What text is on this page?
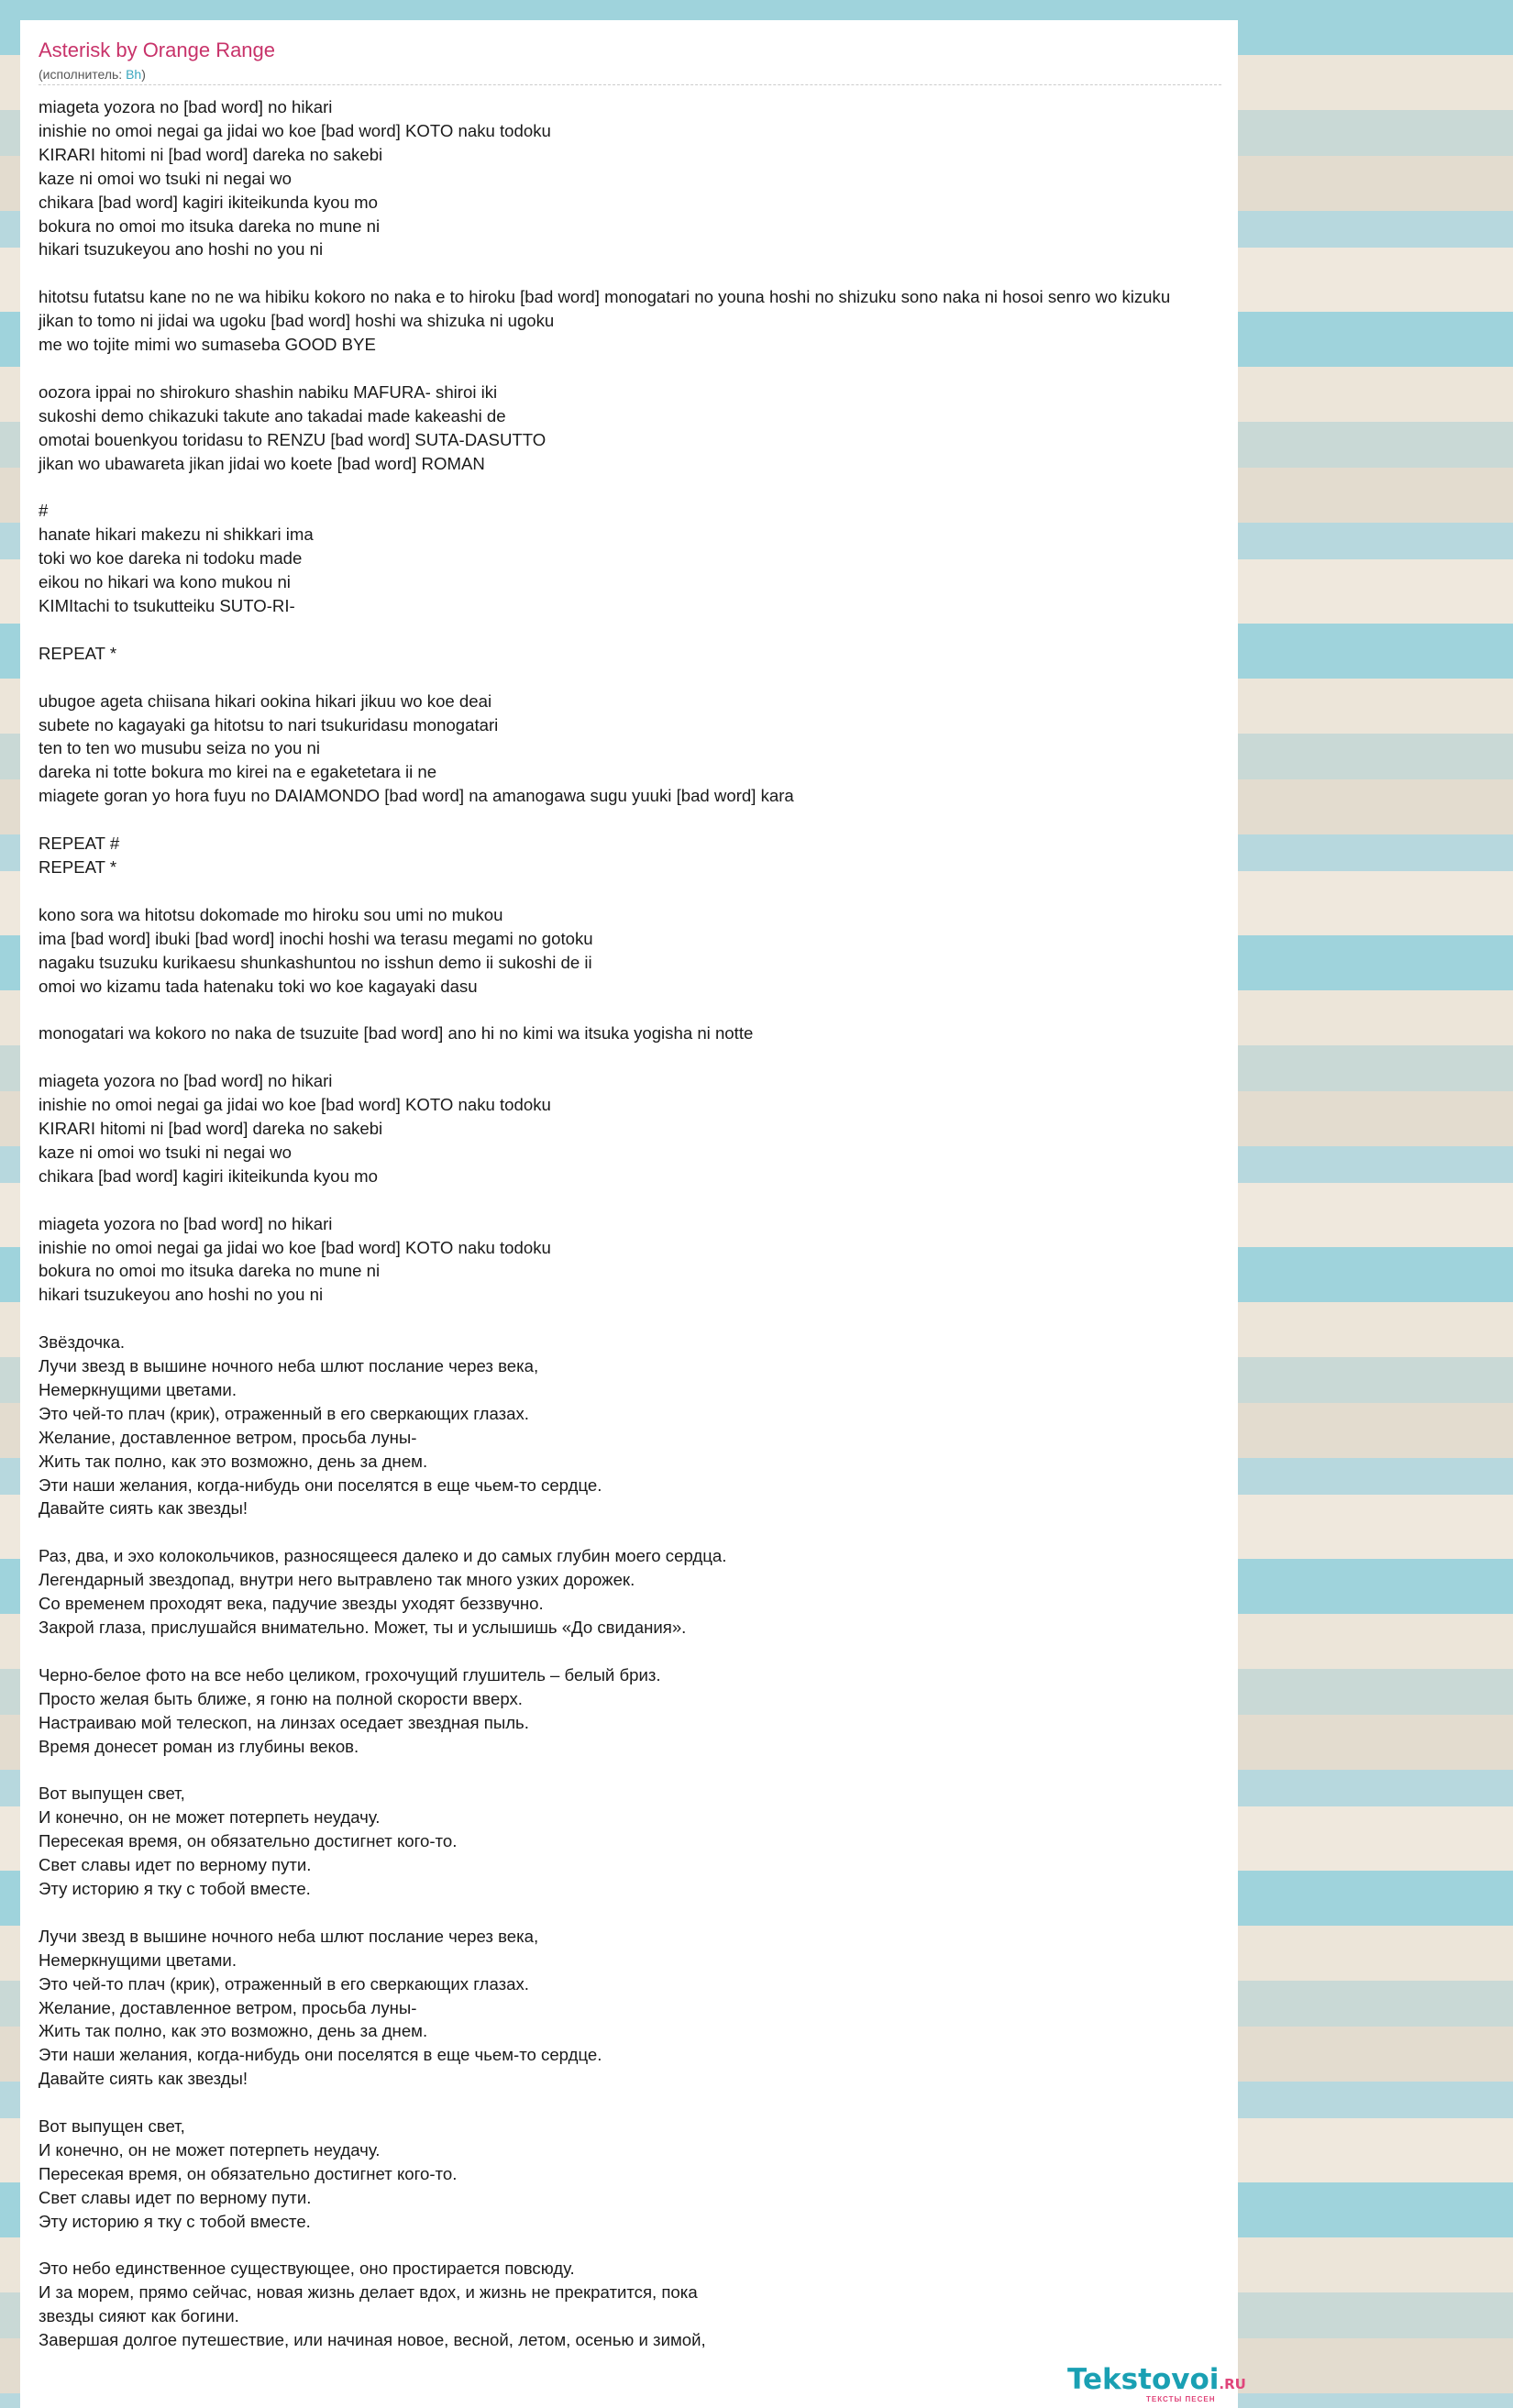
Asterisk by Orange Range
(исполнитель: Bh)
miageta yozora no [bad word] no hikari
inishie no omoi negai ga jidai wo koe [bad word] KOTO naku todoku
KIRARI hitomi ni [bad word] dareka no sakebi
kaze ni omoi wo tsuki ni negai wo
chikara [bad word] kagiri ikiteikunda kyou mo
bokura no omoi mo itsuka dareka no mune ni
hikari tsuzukeyou ano hoshi no you ni

hitotsu futatsu kane no ne wa hibiku kokoro no naka e to hiroku [bad word] monogatari no youna hoshi no shizuku sono naka ni hosoi senro wo kizuku
jikan to tomo ni jidai wa ugoku [bad word] hoshi wa shizuka ni ugoku
me wo tojite mimi wo sumaseba GOOD BYE

oozora ippai no shirokuro shashin nabiku MAFURA- shiroi iki
sukoshi demo chikazuki takute ano takadai made kakeashi de
omotai bouenkyou toridasu to RENZU [bad word] SUTA-DASUTTO
jikan wo ubawareta jikan jidai wo koete [bad word] ROMAN

#
hanate hikari makezu ni shikkari ima
toki wo koe dareka ni todoku made
eikou no hikari wa kono mukou ni
KIMItachi to tsukutteiku SUTO-RI-

REPEAT *

ubugoe ageta chiisana hikari ookina hikari jikuu wo koe deai
subete no kagayaki ga hitotsu to nari tsukuridasu monogatari
ten to ten wo musubu seiza no you ni
dareka ni totte bokura mo kirei na e egaketetara ii ne
miagete goran yo hora fuyu no DAIAMONDO [bad word] na amanogawa sugu yuuki [bad word] kara

REPEAT #
REPEAT *

kono sora wa hitotsu dokomade mo hiroku sou umi no mukou
ima [bad word] ibuki [bad word] inochi hoshi wa terasu megami no gotoku
nagaku tsuzuku kurikaesu shunkashuntou no isshun demo ii sukoshi de ii
omoi wo kizamu tada hatenaku toki wo koe kagayaki dasu

monogatari wa kokoro no naka de tsuzuite [bad word] ano hi no kimi wa itsuka yogisha ni notte

miageta yozora no [bad word] no hikari
inishie no omoi negai ga jidai wo koe [bad word] KOTO naku todoku
KIRARI hitomi ni [bad word] dareka no sakebi
kaze ni omoi wo tsuki ni negai wo
chikara [bad word] kagiri ikiteikunda kyou mo

miageta yozora no [bad word] no hikari
inishie no omoi negai ga jidai wo koe [bad word] KOTO naku todoku
bokura no omoi mo itsuka dareka no mune ni
hikari tsuzukeyou ano hoshi no you ni

Звёздочка.
Лучи звезд в вышине ночного неба шлют послание через века,
Немеркнущими цветами.
Это чей-то плач (крик), отраженный в его сверкающих глазах.
Желание, доставленное ветром, просьба луны-
Жить так полно, как это возможно, день за днем.
Эти наши желания, когда-нибудь они поселятся в еще чьем-то сердце.
Давайте сиять как звезды!

Раз, два, и эхо колокольчиков, разносящееся далеко и до самых глубин моего сердца.
Легендарный звездопад, внутри него вытравлено так много узких дорожек.
Со временем проходят века, падучие звезды уходят беззвучно.
Закрой глаза, прислушайся внимательно. Может, ты и услышишь «До свидания».

Черно-белое фото на все небо целиком, грохочущий глушитель – белый бриз.
Просто желая быть ближе, я гоню на полной скорости вверх.
Настраиваю мой телескоп, на линзах оседает звездная пыль.
Время донесет роман из глубины веков.

Вот выпущен свет,
И конечно, он не может потерпеть неудачу.
Пересекая время, он обязательно достигнет кого-то.
Свет славы идет по верному пути.
Эту историю я тку с тобой вместе.

Лучи звезд в вышине ночного неба шлют послание через века,
Немеркнущими цветами.
Это чей-то плач (крик), отраженный в его сверкающих глазах.
Желание, доставленное ветром, просьба луны-
Жить так полно, как это возможно, день за днем.
Эти наши желания, когда-нибудь они поселятся в еще чьем-то сердце.
Давайте сиять как звезды!

Вот выпущен свет,
И конечно, он не может потерпеть неудачу.
Пересекая время, он обязательно достигнет кого-то.
Свет славы идет по верному пути.
Эту историю я тку с тобой вместе.

Это небо единственное существующее, оно простирается повсюду.
И за морем, прямо сейчас, новая жизнь делает вдох, и жизнь не прекратится, пока
звезды сияют как богини.
Завершая долгое путешествие, или начиная новое, весной, летом, осенью и зимой,
Tekstovoi .RU
ТЕКСТЫ ПЕСЕН
